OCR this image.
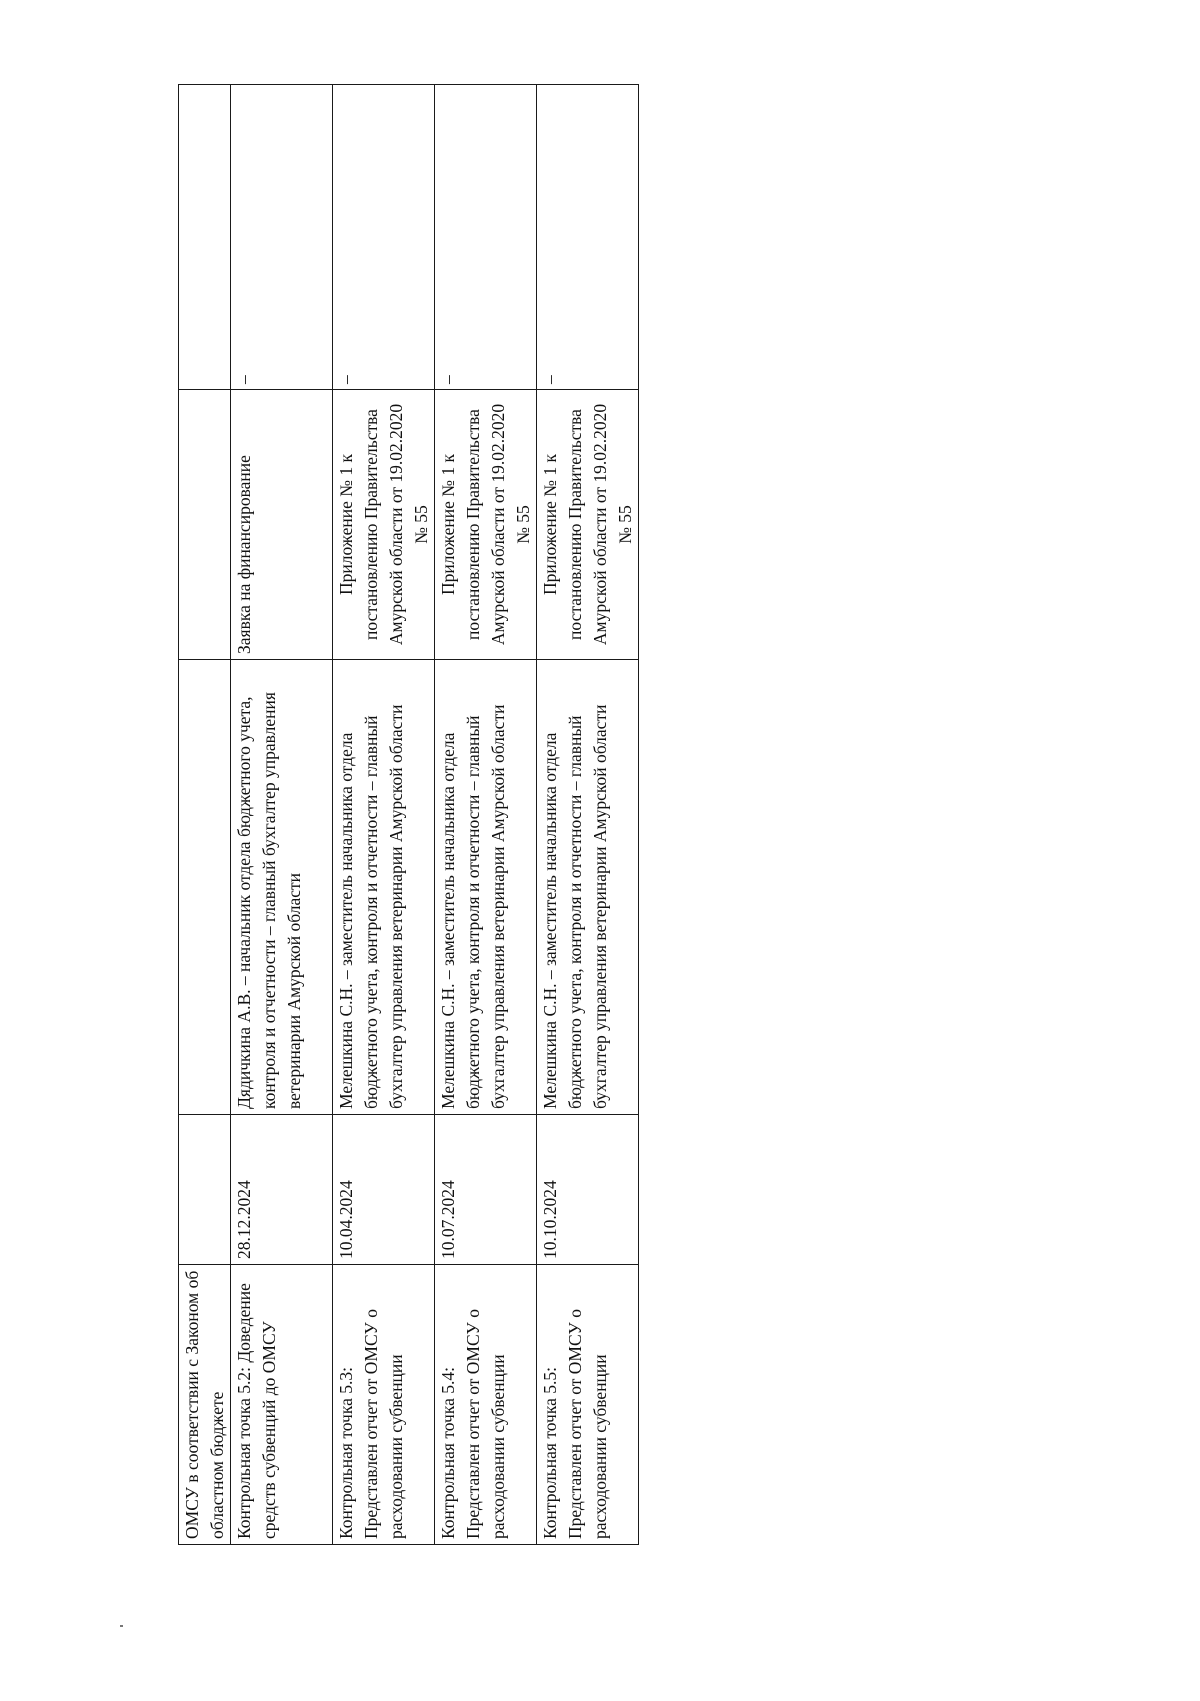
ОМСУ в соответствии с Законом об областном бюджете				
Контрольная точка 5.2: Доведение средств субвенций до ОМСУ	28.12.2024	Дядичкина А.В. – начальник отдела бюджетного учета, контроля и отчетности – главный бухгалтер управления ветеринарии Амурской области	Заявка на финансирование	–
Контрольная точка 5.3: Представлен отчет от ОМСУ о расходовании субвенции	10.04.2024	Мелешкина С.Н. – заместитель начальника отдела бюджетного учета, контроля и отчетности – главный бухгалтер управления ветеринарии Амурской области	Приложение № 1 к постановлению Правительства Амурской области от 19.02.2020 № 55	–
Контрольная точка 5.4: Представлен отчет от ОМСУ о расходовании субвенции	10.07.2024	Мелешкина С.Н. – заместитель начальника отдела бюджетного учета, контроля и отчетности – главный бухгалтер управления ветеринарии Амурской области	Приложение № 1 к постановлению Правительства Амурской области от 19.02.2020 № 55	–
Контрольная точка 5.5: Представлен отчет от ОМСУ о расходовании субвенции	10.10.2024	Мелешкина С.Н. – заместитель начальника отдела бюджетного учета, контроля и отчетности – главный бухгалтер управления ветеринарии Амурской области	Приложение № 1 к постановлению Правительства Амурской области от 19.02.2020 № 55	–
